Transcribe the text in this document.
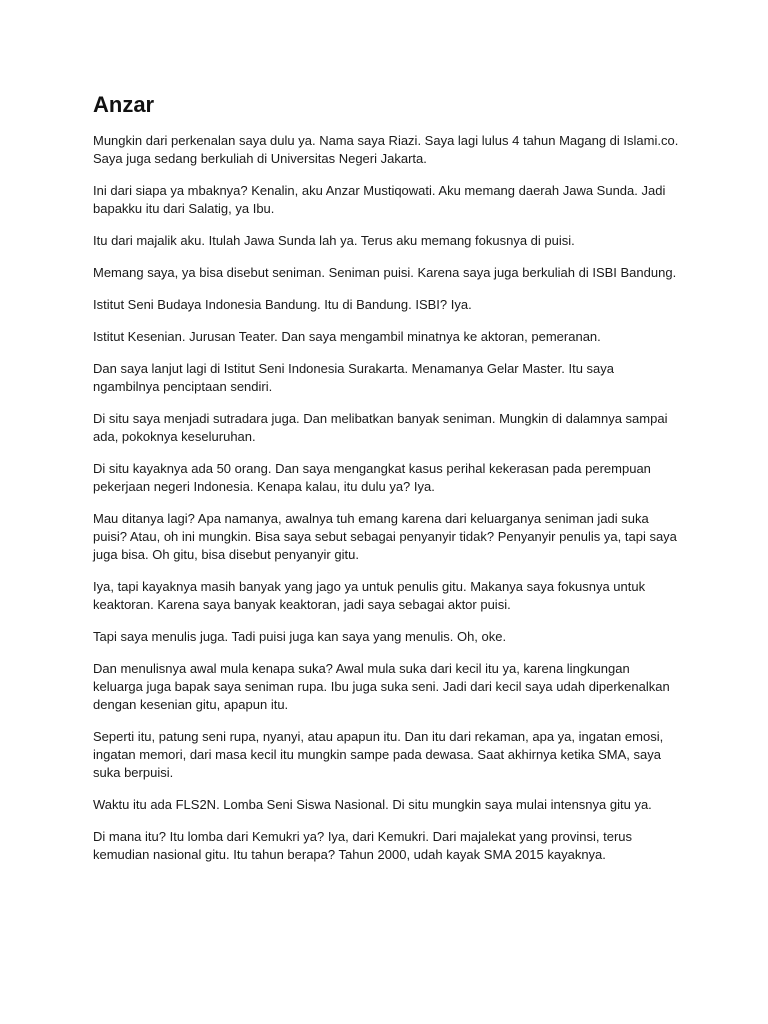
Anzar

Mungkin dari perkenalan saya dulu ya. Nama saya Riazi. Saya lagi lulus 4 tahun Magang di Islami.co. Saya juga sedang berkuliah di Universitas Negeri Jakarta.

Ini dari siapa ya mbaknya? Kenalin, aku Anzar Mustiqowati. Aku memang daerah Jawa Sunda. Jadi bapakku itu dari Salatig, ya Ibu.

Itu dari majalik aku. Itulah Jawa Sunda lah ya. Terus aku memang fokusnya di puisi.

Memang saya, ya bisa disebut seniman. Seniman puisi. Karena saya juga berkuliah di ISBI Bandung.

Istitut Seni Budaya Indonesia Bandung. Itu di Bandung. ISBI? Iya.

Istitut Kesenian. Jurusan Teater. Dan saya mengambil minatnya ke aktoran, pemeranan.

Dan saya lanjut lagi di Istitut Seni Indonesia Surakarta. Menamanya Gelar Master. Itu saya ngambilnya penciptaan sendiri.

Di situ saya menjadi sutradara juga. Dan melibatkan banyak seniman. Mungkin di dalamnya sampai ada, pokoknya keseluruhan.

Di situ kayaknya ada 50 orang. Dan saya mengangkat kasus perihal kekerasan pada perempuan pekerjaan negeri Indonesia. Kenapa kalau, itu dulu ya? Iya.

Mau ditanya lagi? Apa namanya, awalnya tuh emang karena dari keluarganya seniman jadi suka puisi? Atau, oh ini mungkin. Bisa saya sebut sebagai penyanyir tidak? Penyanyir penulis ya, tapi saya juga bisa. Oh gitu, bisa disebut penyanyir gitu.

Iya, tapi kayaknya masih banyak yang jago ya untuk penulis gitu. Makanya saya fokusnya untuk keaktoran. Karena saya banyak keaktoran, jadi saya sebagai aktor puisi.

Tapi saya menulis juga. Tadi puisi juga kan saya yang menulis. Oh, oke.

Dan menulisnya awal mula kenapa suka? Awal mula suka dari kecil itu ya, karena lingkungan keluarga juga bapak saya seniman rupa. Ibu juga suka seni. Jadi dari kecil saya udah diperkenalkan dengan kesenian gitu, apapun itu.

Seperti itu, patung seni rupa, nyanyi, atau apapun itu. Dan itu dari rekaman, apa ya, ingatan emosi, ingatan memori, dari masa kecil itu mungkin sampe pada dewasa. Saat akhirnya ketika SMA, saya suka berpuisi.

Waktu itu ada FLS2N. Lomba Seni Siswa Nasional. Di situ mungkin saya mulai intensnya gitu ya.

Di mana itu? Itu lomba dari Kemukri ya? Iya, dari Kemukri. Dari majalekat yang provinsi, terus kemudian nasional gitu. Itu tahun berapa? Tahun 2000, udah kayak SMA 2015 kayaknya.
